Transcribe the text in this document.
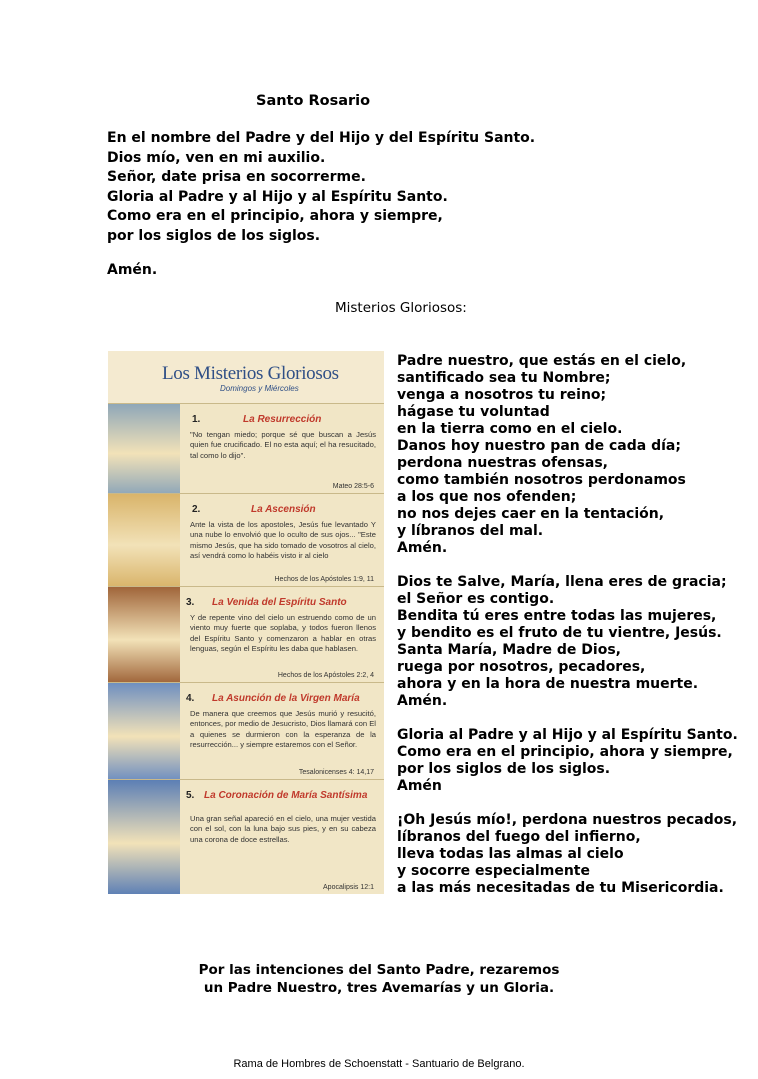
Santo Rosario
En el nombre del Padre y del Hijo y del Espíritu Santo.
Dios mío, ven en mi auxilio.
Señor, date prisa en socorrerme.
Gloria al Padre y al Hijo y al Espíritu Santo.
Como era en el principio, ahora y siempre,
por los siglos de los siglos.
Amén.
Misterios Gloriosos:
Los Misterios Gloriosos
Domingos y Miércoles
1.	La Resurrección
"No tengan miedo; porque sé que buscan a Jesús quien fue crucificado. El no esta aquí; el ha resucitado, tal como lo dijo".
Mateo 28:5-6
2.	La Ascensión
Ante la vista de los apostoles, Jesús fue levantado Y una nube lo envolvió que lo oculto de sus ojos... "Este mismo Jesús, que ha sido tomado de vosotros al cielo, así vendrá como lo habéis visto ir al cielo
Hechos de los Apóstoles 1:9, 11
3. La Venida del Espíritu Santo
Y de repente vino del cielo un estruendo como de un viento muy fuerte que soplaba, y todos fueron llenos del Espíritu Santo y comenzaron a hablar en otras lenguas, según el Espíritu les daba que hablasen.
Hechos de los Apóstoles 2:2, 4
4. La Asunción de la Virgen María
De manera que creemos que Jesús murió y resucitó, entonces, por medio de Jesucristo, Dios llamará con El a quienes se durmieron con la esperanza de la resurrección... y siempre estaremos con el Señor.
Tesalonicenses 4: 14,17
5. La Coronación de María Santísima
Una gran señal apareció en el cielo, una mujer vestida con el sol, con la luna bajo sus pies, y en su cabeza una corona de doce estrellas.
Apocalipsis 12:1
Padre nuestro, que estás en el cielo,
santificado sea tu Nombre;
venga a nosotros tu reino;
hágase tu voluntad
en la tierra como en el cielo.
Danos hoy nuestro pan de cada día;
perdona nuestras ofensas,
como también nosotros perdonamos
a los que nos ofenden;
no nos dejes caer en la tentación,
y líbranos del mal.
Amén.
Dios te Salve, María, llena eres de gracia;
el Señor es contigo.
Bendita tú eres entre todas las mujeres,
y bendito es el fruto de tu vientre, Jesús.
Santa María, Madre de Dios,
ruega por nosotros, pecadores,
ahora y en la hora de nuestra muerte.
Amén.
Gloria al Padre y al Hijo y al Espíritu Santo.
Como era en el principio, ahora y siempre,
por los siglos de los siglos.
Amén
¡Oh Jesús mío!, perdona nuestros pecados,
líbranos del fuego del infierno,
lleva todas las almas al cielo
y socorre especialmente
a las más necesitadas de tu Misericordia.
Por las intenciones del Santo Padre, rezaremos
un Padre Nuestro, tres Avemarías y un Gloria.
Rama de Hombres de Schoenstatt - Santuario de Belgrano.
